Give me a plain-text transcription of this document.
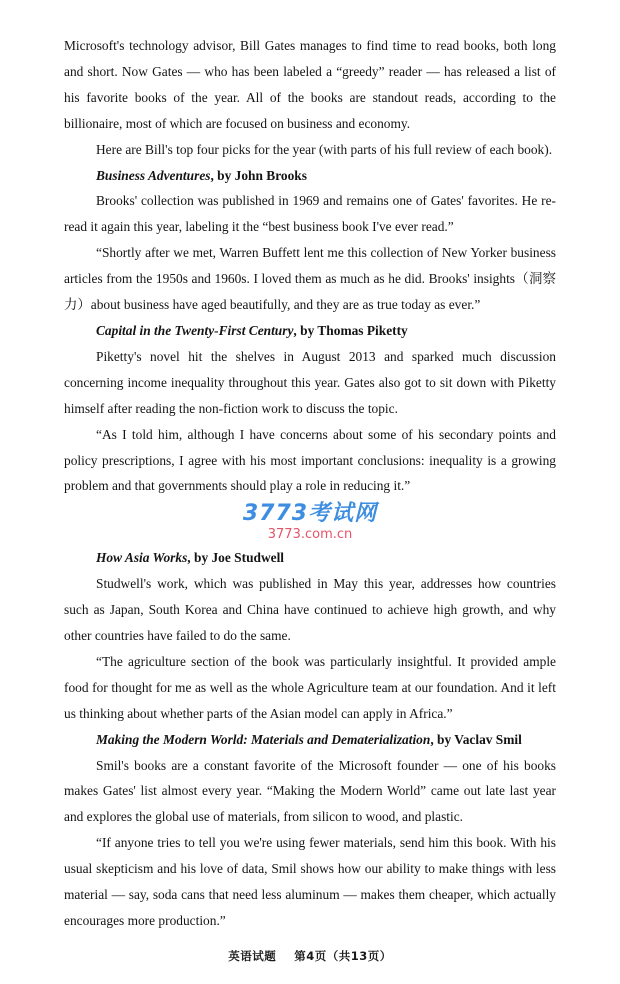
Microsoft's technology advisor, Bill Gates manages to find time to read books, both long and short. Now Gates — who has been labeled a “greedy” reader — has released a list of his favorite books of the year. All of the books are standout reads, according to the billionaire, most of which are focused on business and economy.

Here are Bill's top four picks for the year (with parts of his full review of each book).

Business Adventures, by John Brooks

Brooks' collection was published in 1969 and remains one of Gates' favorites. He re-read it again this year, labeling it the “best business book I've ever read.”

“Shortly after we met, Warren Buffett lent me this collection of New Yorker business articles from the 1950s and 1960s. I loved them as much as he did. Brooks' insights（洞察力）about business have aged beautifully, and they are as true today as ever.”

Capital in the Twenty-First Century, by Thomas Piketty

Piketty's novel hit the shelves in August 2013 and sparked much discussion concerning income inequality throughout this year. Gates also got to sit down with Piketty himself after reading the non-fiction work to discuss the topic.

“As I told him, although I have concerns about some of his secondary points and policy prescriptions, I agree with his most important conclusions: inequality is a growing problem and that governments should play a role in reducing it.”

3773考试网
3773.com.cn

How Asia Works, by Joe Studwell

Studwell's work, which was published in May this year, addresses how countries such as Japan, South Korea and China have continued to achieve high growth, and why other countries have failed to do the same.

“The agriculture section of the book was particularly insightful. It provided ample food for thought for me as well as the whole Agriculture team at our foundation. And it left us thinking about whether parts of the Asian model can apply in Africa.”

Making the Modern World: Materials and Dematerialization, by Vaclav Smil

Smil's books are a constant favorite of the Microsoft founder — one of his books makes Gates' list almost every year. “Making the Modern World” came out late last year and explores the global use of materials, from silicon to wood, and plastic.

“If anyone tries to tell you we're using fewer materials, send him this book. With his usual skepticism and his love of data, Smil shows how our ability to make things with less material — say, soda cans that need less aluminum — makes them cheaper, which actually encourages more production.”

英语试题 第4页（共13页）
